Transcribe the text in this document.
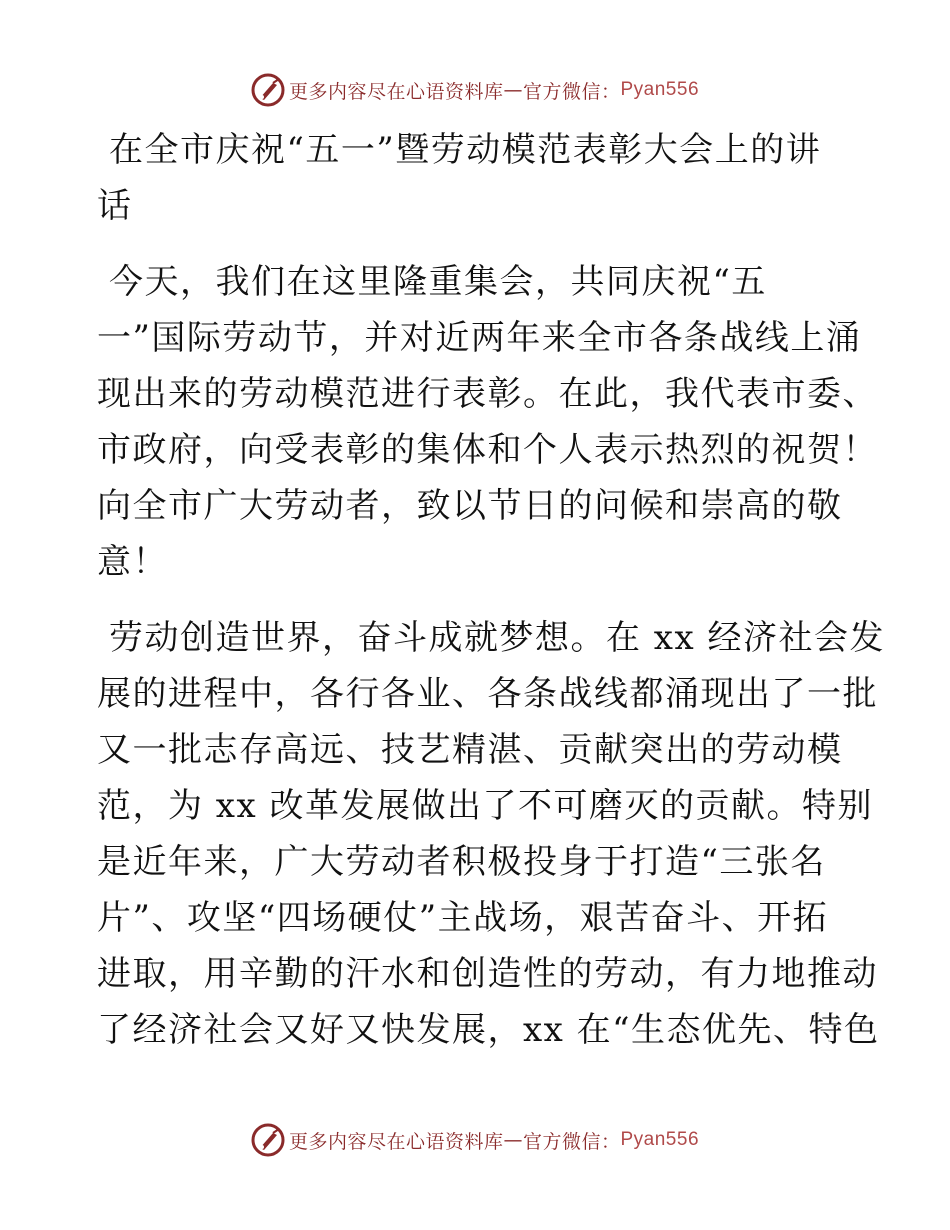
更多内容尽在心语资料库 — 官方微信： Pyan556
在全市庆祝“五一”暨劳动模范表彰大会上的讲
话
今天，我们在这里隆重集会，共同庆祝“五
一”国际劳动节，并对近两年来全市各条战线上涌
现出来的劳动模范进行表彰。在此，我代表市委、
市政府，向受表彰的集体和个人表示热烈的祝贺！
向全市广大劳动者，致以节日的问候和崇高的敬
意！
劳动创造世界，奋斗成就梦想。在 xx 经济社会发
展的进程中，各行各业、各条战线都涌现出了一批
又一批志存高远、技艺精湛、贡献突出的劳动模
范，为 xx 改革发展做出了不可磨灭的贡献。特别
是近年来，广大劳动者积极投身于打造“三张名
片”、攻坚“四场硬仗”主战场，艰苦奋斗、开拓
进取，用辛勤的汗水和创造性的劳动，有力地推动
了经济社会又好又快发展，xx 在“生态优先、特色
更多内容尽在心语资料库 — 官方微信： Pyan556
